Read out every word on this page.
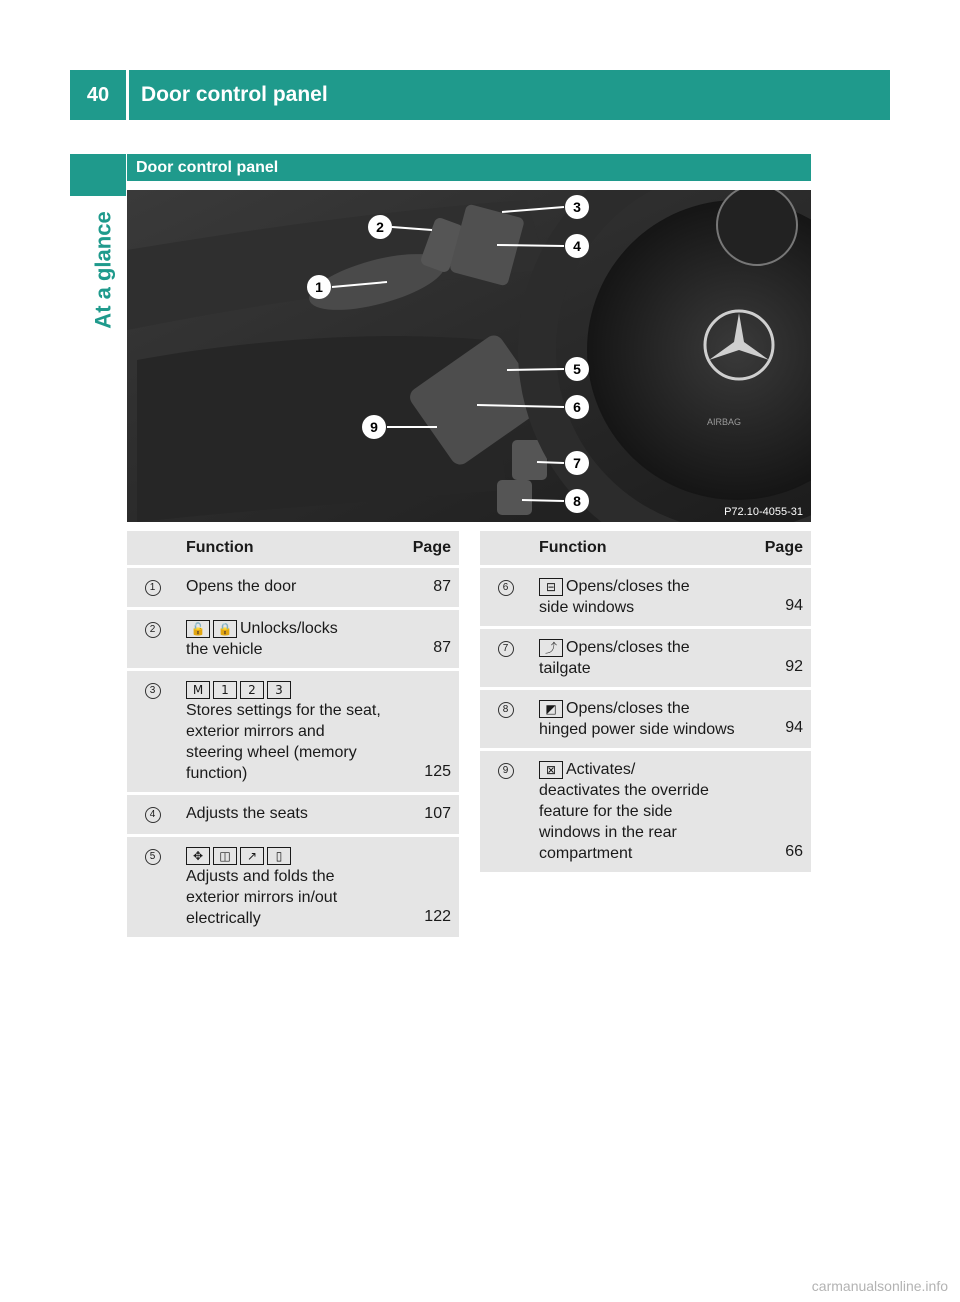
40	Door control panel
At a glance
Door control panel
AIRBAG
1
2
3
4
5
6
7
8
9
P72.10-4055-31
	Function	Page
1	Opens the door	87
2	🔓 🔒 Unlocks/locks
the vehicle	87
3	M 1 2 3
Stores settings for the seat,
exterior mirrors and
steering wheel (memory
function)	125
4	Adjusts the seats	107
5	✥ ◫ ↗ ▯
Adjusts and folds the
exterior mirrors in/out
electrically	122
	Function	Page
6	⊟ Opens/closes the
side windows	94
7	⤴ Opens/closes the
tailgate	92
8	◩ Opens/closes the
hinged power side windows	94
9	⊠ Activates/
deactivates the override
feature for the side
windows in the rear
compartment	66
carmanualsonline.info
